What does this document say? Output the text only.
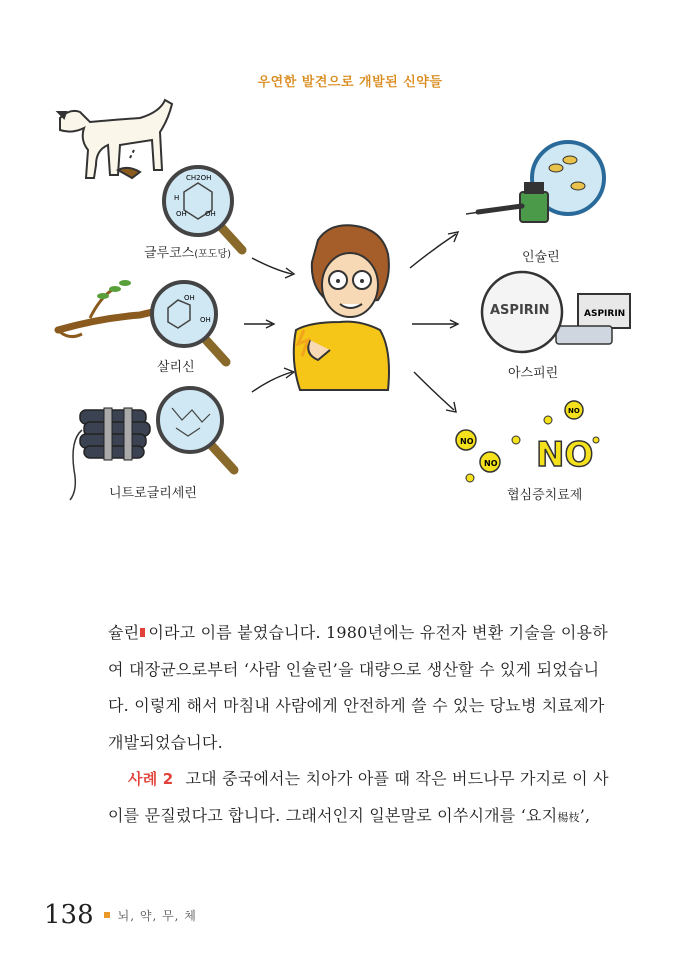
우연한 발견으로 개발된 신약들
CH2OH
H
OH	OH
OH
OH
ASPIRIN
ASPIRIN
NO
NO
NO
NO
글루코스(포도당)
살리신
니트로글리세린
인슐린
아스피린
협심증치료제

슐린 이라고 이름 붙였습니다. 1980년에는 유전자 변환 기술을 이용하

여 대장균으로부터 ‘사람 인슐린’을 대량으로 생산할 수 있게 되었습니

다. 이렇게 해서 마침내 사람에게 안전하게 쓸 수 있는 당뇨병 치료제가

개발되었습니다.

사례 2 고대 중국에서는 치아가 아플 때 작은 버드나무 가지로 이 사

이를 문질렀다고 합니다. 그래서인지 일본말로 이쑤시개를 ‘요지楊枝’,

138 뇌, 약, 무, 체
